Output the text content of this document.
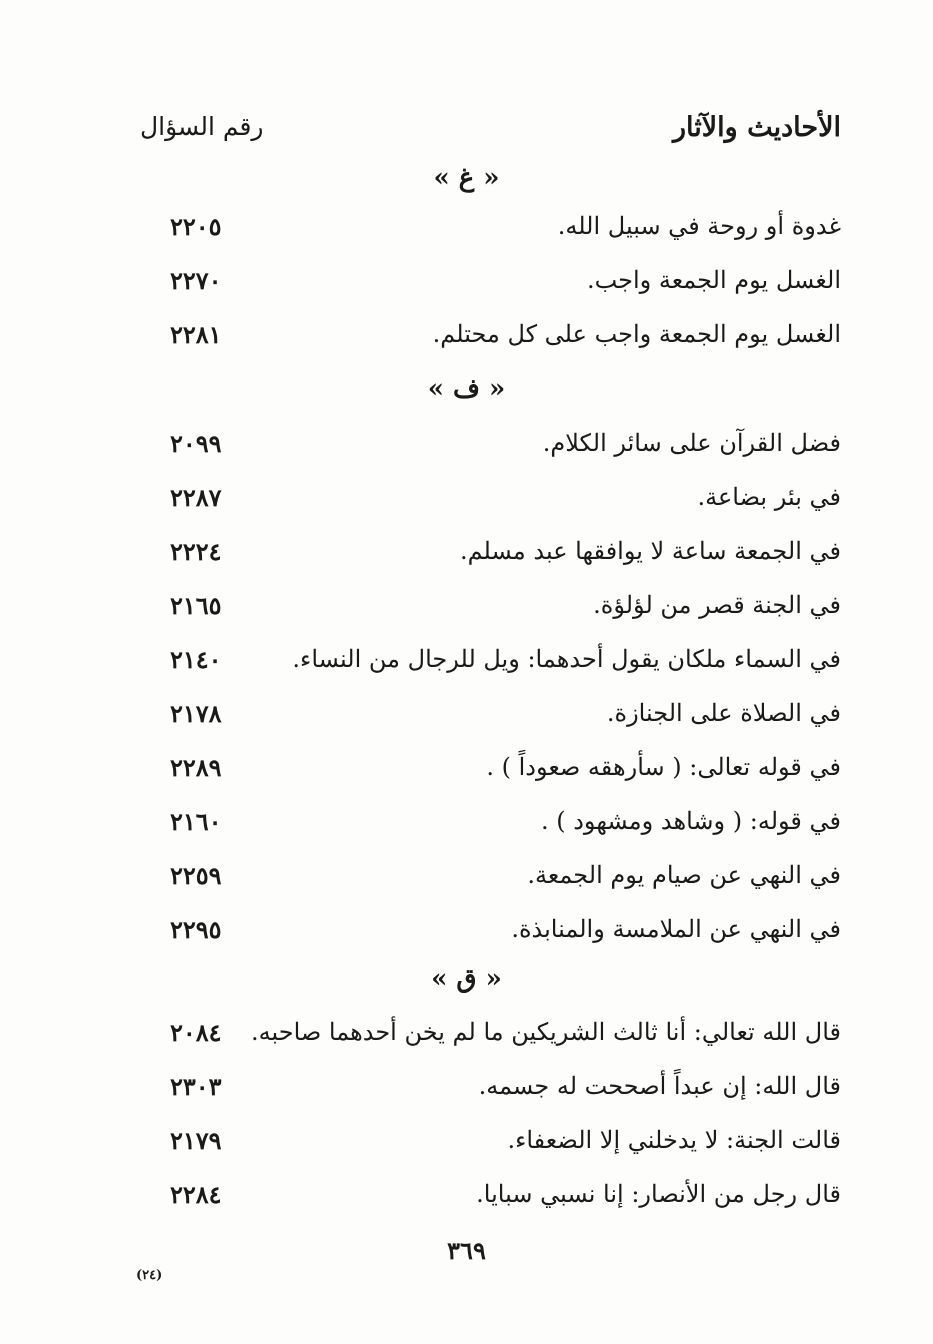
الأحاديث والآثار
رقم السؤال
« غ »
غدوة أو روحة في سبيل الله.
٢٢٠٥
الغسل يوم الجمعة واجب.
٢٢٧٠
الغسل يوم الجمعة واجب على كل محتلم.
٢٢٨١
« ف »
فضل القرآن على سائر الكلام.
٢٠٩٩
في بئر بضاعة.
٢٢٨٧
في الجمعة ساعة لا يوافقها عبد مسلم.
٢٢٢٤
في الجنة قصر من لؤلؤة.
٢١٦٥
في السماء ملكان يقول أحدهما: ويل للرجال من النساء.
٢١٤٠
في الصلاة على الجنازة.
٢١٧٨
في قوله تعالى: ( سأرهقه صعوداً ) .
٢٢٨٩
في قوله: ( وشاهد ومشهود ) .
٢١٦٠
في النهي عن صيام يوم الجمعة.
٢٢٥٩
في النهي عن الملامسة والمنابذة.
٢٢٩٥
« ق »
قال الله تعالي: أنا ثالث الشريكين ما لم يخن أحدهما صاحبه.
٢٠٨٤
قال الله: إن عبداً أصححت له جسمه.
٢٣٠٣
قالت الجنة: لا يدخلني إلا الضعفاء.
٢١٧٩
قال رجل من الأنصار: إنا نسبي سبايا.
٢٢٨٤
٣٦٩
(٢٤)
